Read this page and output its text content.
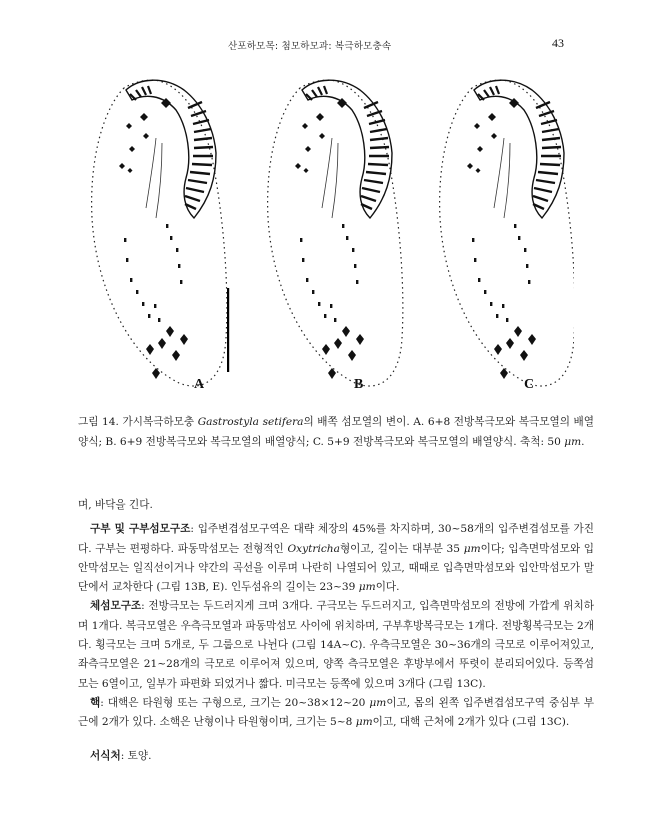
산포하모목: 첨모하모과: 복극하모충속	43
A	B	C
그림 14. 가시복극하모충 Gastrostyla setifera의 배쪽 섬모열의 변이. A. 6+8 전방복극모와 복극모열의 배열양식; B. 6+9 전방복극모와 복극모열의 배열양식; C. 5+9 전방복극모와 복극모열의 배열양식. 축척: 50 μm.

며, 바닥을 긴다.

구부 및 구부섬모구조: 입주변겹섬모구역은 대략 체장의 45%를 차지하며, 30~58개의 입주변겹섬모를 가진다. 구부는 편평하다. 파동막섬모는 전형적인 Oxytricha형이고, 길이는 대부분 35 μm이다; 입측면막섬모와 입안막섬모는 일직선이거나 약간의 곡선을 이루며 나란히 나열되어 있고, 때때로 입측면막섬모와 입안막섬모가 말단에서 교차한다 (그림 13B, E). 인두섬유의 길이는 23~39 μm이다.

체섬모구조: 전방극모는 두드러지게 크며 3개다. 구극모는 두드러지고, 입측면막섬모의 전방에 가깝게 위치하며 1개다. 복극모열은 우측극모열과 파동막섬모 사이에 위치하며, 구부후방복극모는 1개다. 전방횡복극모는 2개다. 횡극모는 크며 5개로, 두 그룹으로 나뉜다 (그림 14A~C). 우측극모열은 30~36개의 극모로 이루어져있고, 좌측극모열은 21~28개의 극모로 이루어져 있으며, 양쪽 측극모열은 후방부에서 뚜렷이 분리되어있다. 등쪽섬모는 6열이고, 일부가 파편화 되었거나 짧다. 미극모는 등쪽에 있으며 3개다 (그림 13C).

핵: 대핵은 타원형 또는 구형으로, 크기는 20~38×12~20 μm이고, 몸의 왼쪽 입주변겹섬모구역 중심부 부근에 2개가 있다. 소핵은 난형이나 타원형이며, 크기는 5~8 μm이고, 대핵 근처에 2개가 있다 (그림 13C).

서식처: 토양.
